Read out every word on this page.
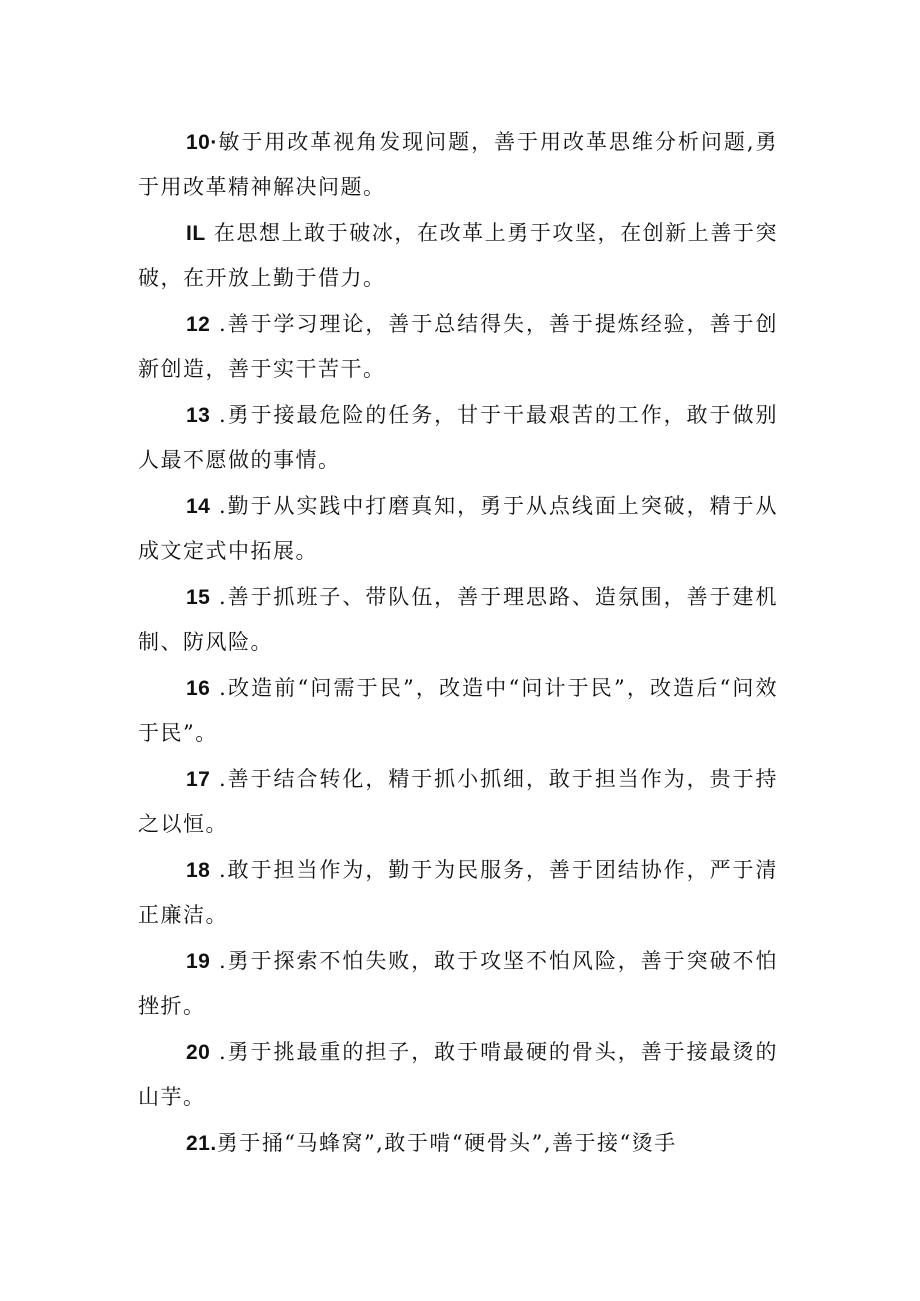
10·敏于用改革视角发现问题，善于用改革思维分析问题,勇于用改革精神解决问题。

IL 在思想上敢于破冰，在改革上勇于攻坚，在创新上善于突破，在开放上勤于借力。

12 .善于学习理论，善于总结得失，善于提炼经验，善于创新创造，善于实干苦干。

13 .勇于接最危险的任务，甘于干最艰苦的工作，敢于做别人最不愿做的事情。

14 .勤于从实践中打磨真知，勇于从点线面上突破，精于从成文定式中拓展。

15 .善于抓班子、带队伍，善于理思路、造氛围，善于建机制、防风险。

16 .改造前“问需于民”，改造中“问计于民”，改造后“问效于民”。

17 .善于结合转化，精于抓小抓细，敢于担当作为，贵于持之以恒。

18 .敢于担当作为，勤于为民服务，善于团结协作，严于清正廉洁。

19 .勇于探索不怕失败，敢于攻坚不怕风险，善于突破不怕挫折。

20 .勇于挑最重的担子，敢于啃最硬的骨头，善于接最烫的山芋。

21.勇于捅“马蜂窝”,敢于啃“硬骨头”,善于接“烫手
